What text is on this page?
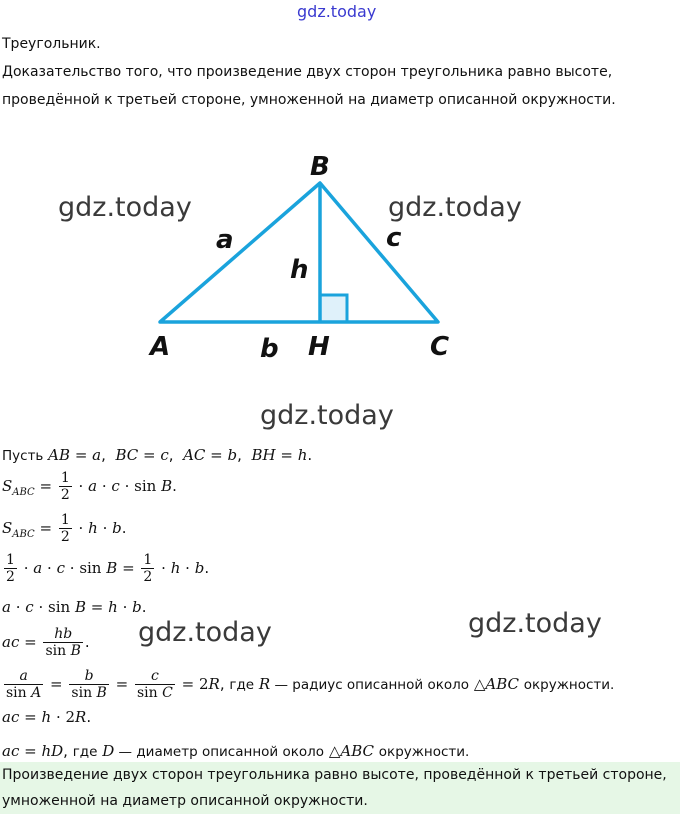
gdz.today
Треугольник.
Доказательство того, что произведение двух сторон треугольника равно высоте,
проведённой к третьей стороне, умноженной на диаметр описанной окружности.
gdz.today	gdz.today
B
A	H	C
a	c
h
b
gdz.today
Пусть AB = a,  BC = c,  AC = b,  BH = h.
$S_{ABC} = \frac{1}{2} \cdot a \cdot c \cdot \sin B$.
$S_{ABC} = \frac{1}{2} \cdot h \cdot b$.
$\frac{1}{2} \cdot a \cdot c \cdot \sin B = \frac{1}{2} \cdot h \cdot b$.
a · c · sin B = h · b.
gdz.today	gdz.today
ac = $\frac{hb}{\text{sin B}}$ .
$\frac{a}{\text{sin A}} = \frac{b}{\text{sin B}} = \frac{c}{\text{sin C}} = 2R$, где R — радиус описанной около △ABC окружности.
ac = h · 2R.
ac = hD, где D — диаметр описанной около △ABC окружности.
Произведение двух сторон треугольника равно высоте, проведённой к третьей стороне,
умноженной на диаметр описанной окружности.
